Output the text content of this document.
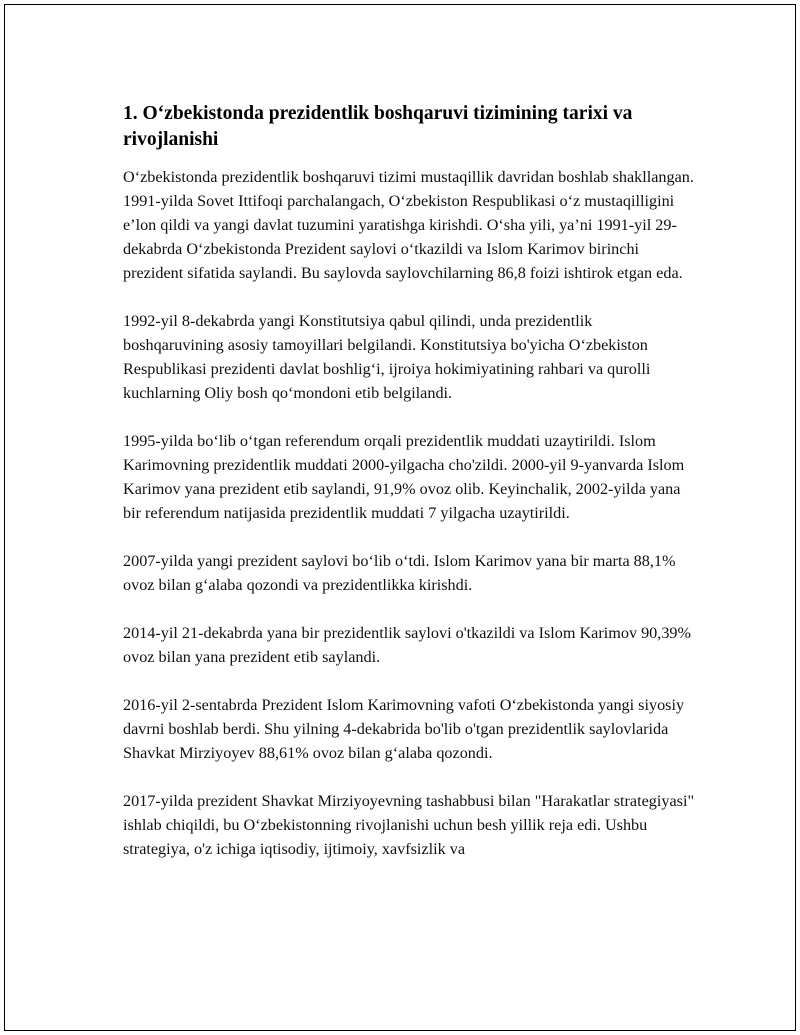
1. O‘zbekistonda prezidentlik boshqaruvi tizimining tarixi va rivojlanishi

O‘zbekistonda prezidentlik boshqaruvi tizimi mustaqillik davridan boshlab shakllangan. 1991-yilda Sovet Ittifoqi parchalangach, O‘zbekiston Respublikasi o‘z mustaqilligini e’lon qildi va yangi davlat tuzumini yaratishga kirishdi. O‘sha yili, ya’ni 1991-yil 29-dekabrda O‘zbekistonda Prezident saylovi o‘tkazildi va Islom Karimov birinchi prezident sifatida saylandi. Bu saylovda saylovchilarning 86,8 foizi ishtirok etgan eda.

1992-yil 8-dekabrda yangi Konstitutsiya qabul qilindi, unda prezidentlik boshqaruvining asosiy tamoyillari belgilandi. Konstitutsiya bo'yicha O‘zbekiston Respublikasi prezidenti davlat boshlig‘i, ijroiya hokimiyatining rahbari va qurolli kuchlarning Oliy bosh qo‘mondoni etib belgilandi.

1995-yilda bo‘lib o‘tgan referendum orqali prezidentlik muddati uzaytirildi. Islom Karimovning prezidentlik muddati 2000-yilgacha cho'zildi. 2000-yil 9-yanvarda Islom Karimov yana prezident etib saylandi, 91,9% ovoz olib. Keyinchalik, 2002-yilda yana bir referendum natijasida prezidentlik muddati 7 yilgacha uzaytirildi.

2007-yilda yangi prezident saylovi bo‘lib o‘tdi. Islom Karimov yana bir marta 88,1% ovoz bilan g‘alaba qozondi va prezidentlikka kirishdi.

2014-yil 21-dekabrda yana bir prezidentlik saylovi o'tkazildi va Islom Karimov 90,39% ovoz bilan yana prezident etib saylandi.

2016-yil 2-sentabrda Prezident Islom Karimovning vafoti O‘zbekistonda yangi siyosiy davrni boshlab berdi. Shu yilning 4-dekabrida bo'lib o'tgan prezidentlik saylovlarida Shavkat Mirziyoyev 88,61% ovoz bilan g‘alaba qozondi.

2017-yilda prezident Shavkat Mirziyoyevning tashabbusi bilan "Harakatlar strategiyasi" ishlab chiqildi, bu O‘zbekistonning rivojlanishi uchun besh yillik reja edi. Ushbu strategiya, o'z ichiga iqtisodiy, ijtimoiy, xavfsizlik va
